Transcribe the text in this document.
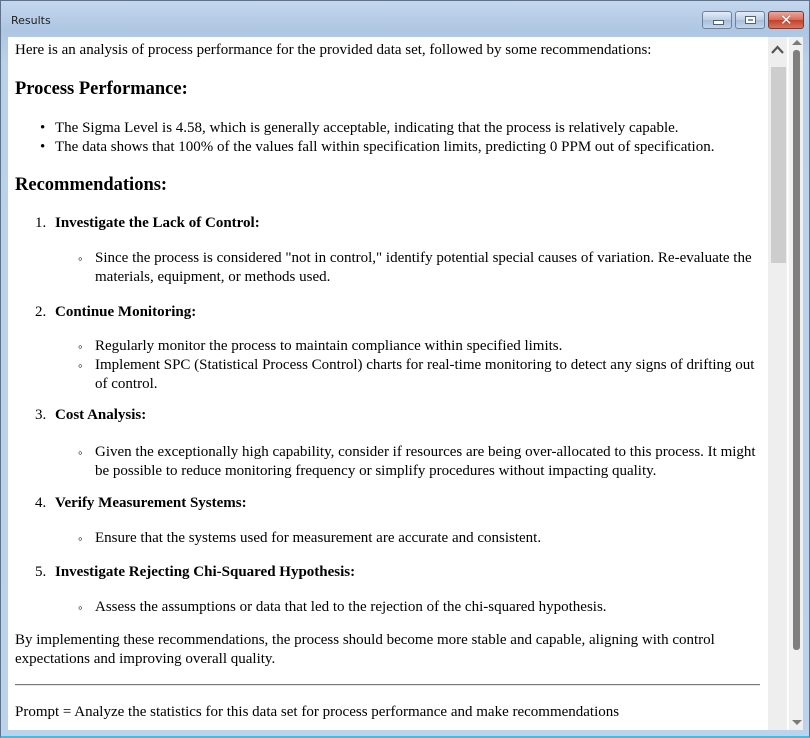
Results	✕
Here is an analysis of process performance for the provided data set, followed by some recommendations:
Process Performance:
• The Sigma Level is 4.58, which is generally acceptable, indicating that the process is relatively capable.
• The data shows that 100% of the values fall within specification limits, predicting 0 PPM out of specification.
Recommendations:
1. Investigate the Lack of Control:
◦ Since the process is considered "not in control," identify potential special causes of variation. Re-evaluate the materials, equipment, or methods used.
2. Continue Monitoring:
◦ Regularly monitor the process to maintain compliance within specified limits.
◦ Implement SPC (Statistical Process Control) charts for real-time monitoring to detect any signs of drifting out of control.
3. Cost Analysis:
◦ Given the exceptionally high capability, consider if resources are being over-allocated to this process. It might be possible to reduce monitoring frequency or simplify procedures without impacting quality.
4. Verify Measurement Systems:
◦ Ensure that the systems used for measurement are accurate and consistent.
5. Investigate Rejecting Chi-Squared Hypothesis:
◦ Assess the assumptions or data that led to the rejection of the chi-squared hypothesis.
By implementing these recommendations, the process should become more stable and capable, aligning with control expectations and improving overall quality.
Prompt = Analyze the statistics for this data set for process performance and make recommendations
